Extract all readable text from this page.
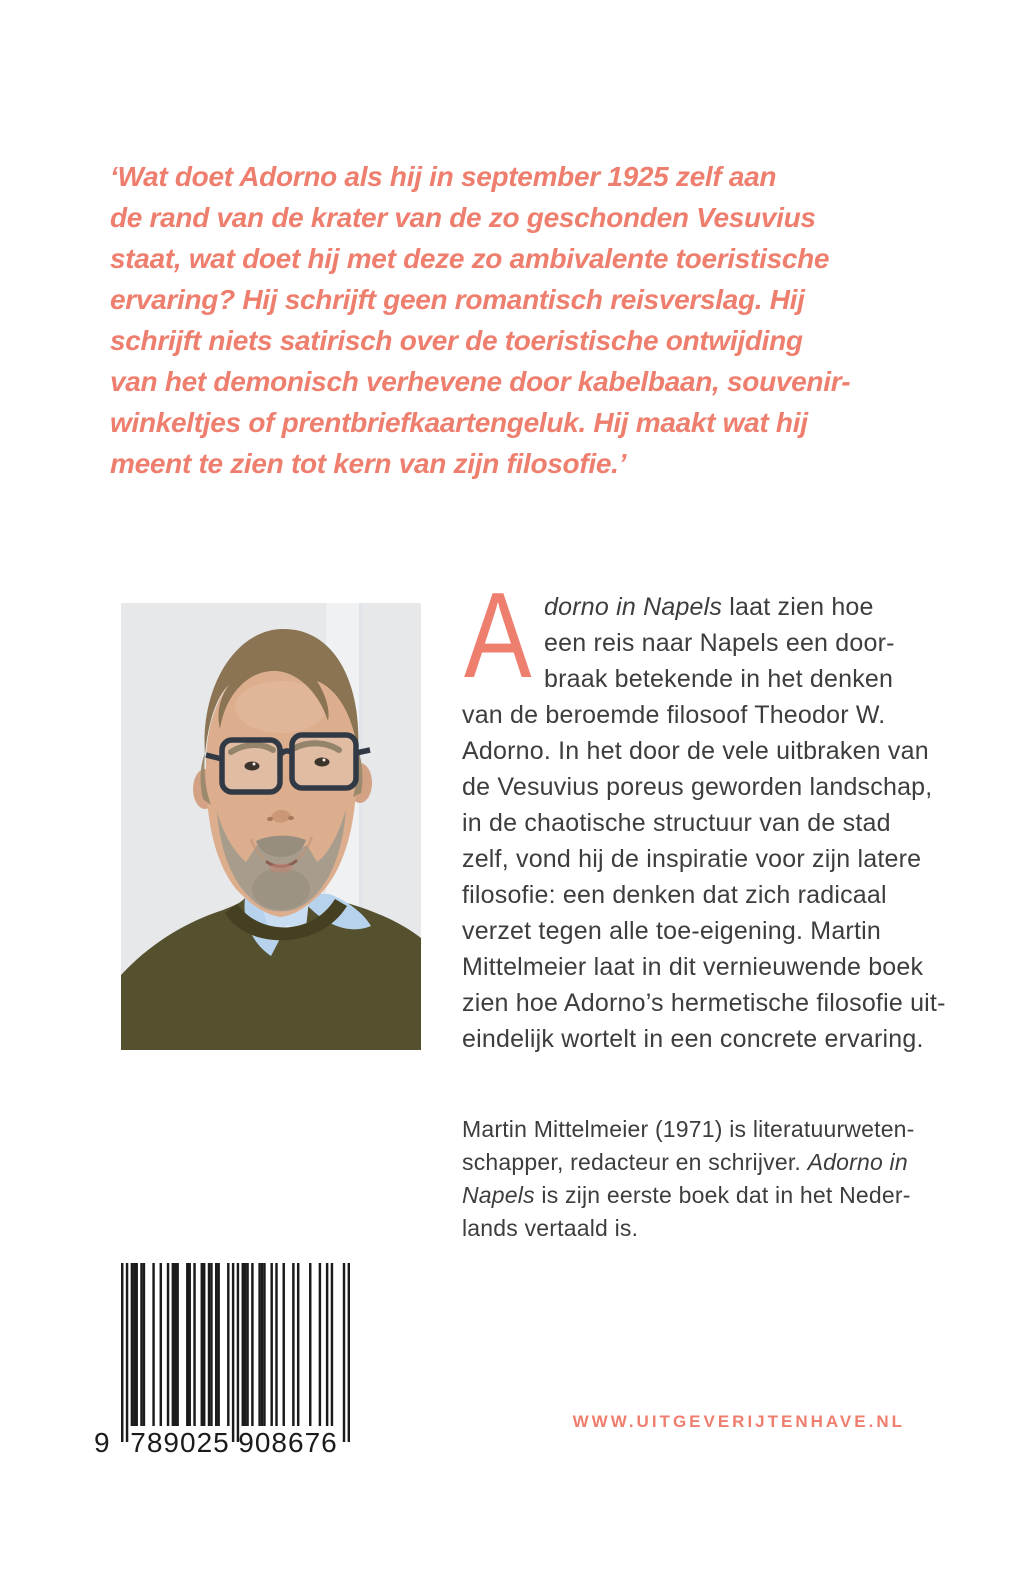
‘Wat doet Adorno als hij in september 1925 zelf aan
de rand van de krater van de zo geschonden Vesuvius
staat, wat doet hij met deze zo ambivalente toeristische
ervaring? Hij schrijft geen romantisch reisverslag. Hij
schrijft niets satirisch over de toeristische ontwijding
van het demonisch verhevene door kabelbaan, souvenir-
winkeltjes of prentbriefkaartengeluk. Hij maakt wat hij
meent te zien tot kern van zijn filosofie.’
A dorno in Napels laat zien hoe
een reis naar Napels een door-
braak betekende in het denken
van de beroemde filosoof Theodor W.
Adorno. In het door de vele uitbraken van
de Vesuvius poreus geworden landschap,
in de chaotische structuur van de stad
zelf, vond hij de inspiratie voor zijn latere
filosofie: een denken dat zich radicaal
verzet tegen alle toe-eigening. Martin
Mittelmeier laat in dit vernieuwende boek
zien hoe Adorno’s hermetische filosofie uit-
eindelijk wortelt in een concrete ervaring.
Martin Mittelmeier (1971) is literatuurweten-
schapper, redacteur en schrijver. Adorno in
Napels is zijn eerste boek dat in het Neder-
lands vertaald is.
9 789025 908676
WWW.UITGEVERIJTENHAVE.NL
